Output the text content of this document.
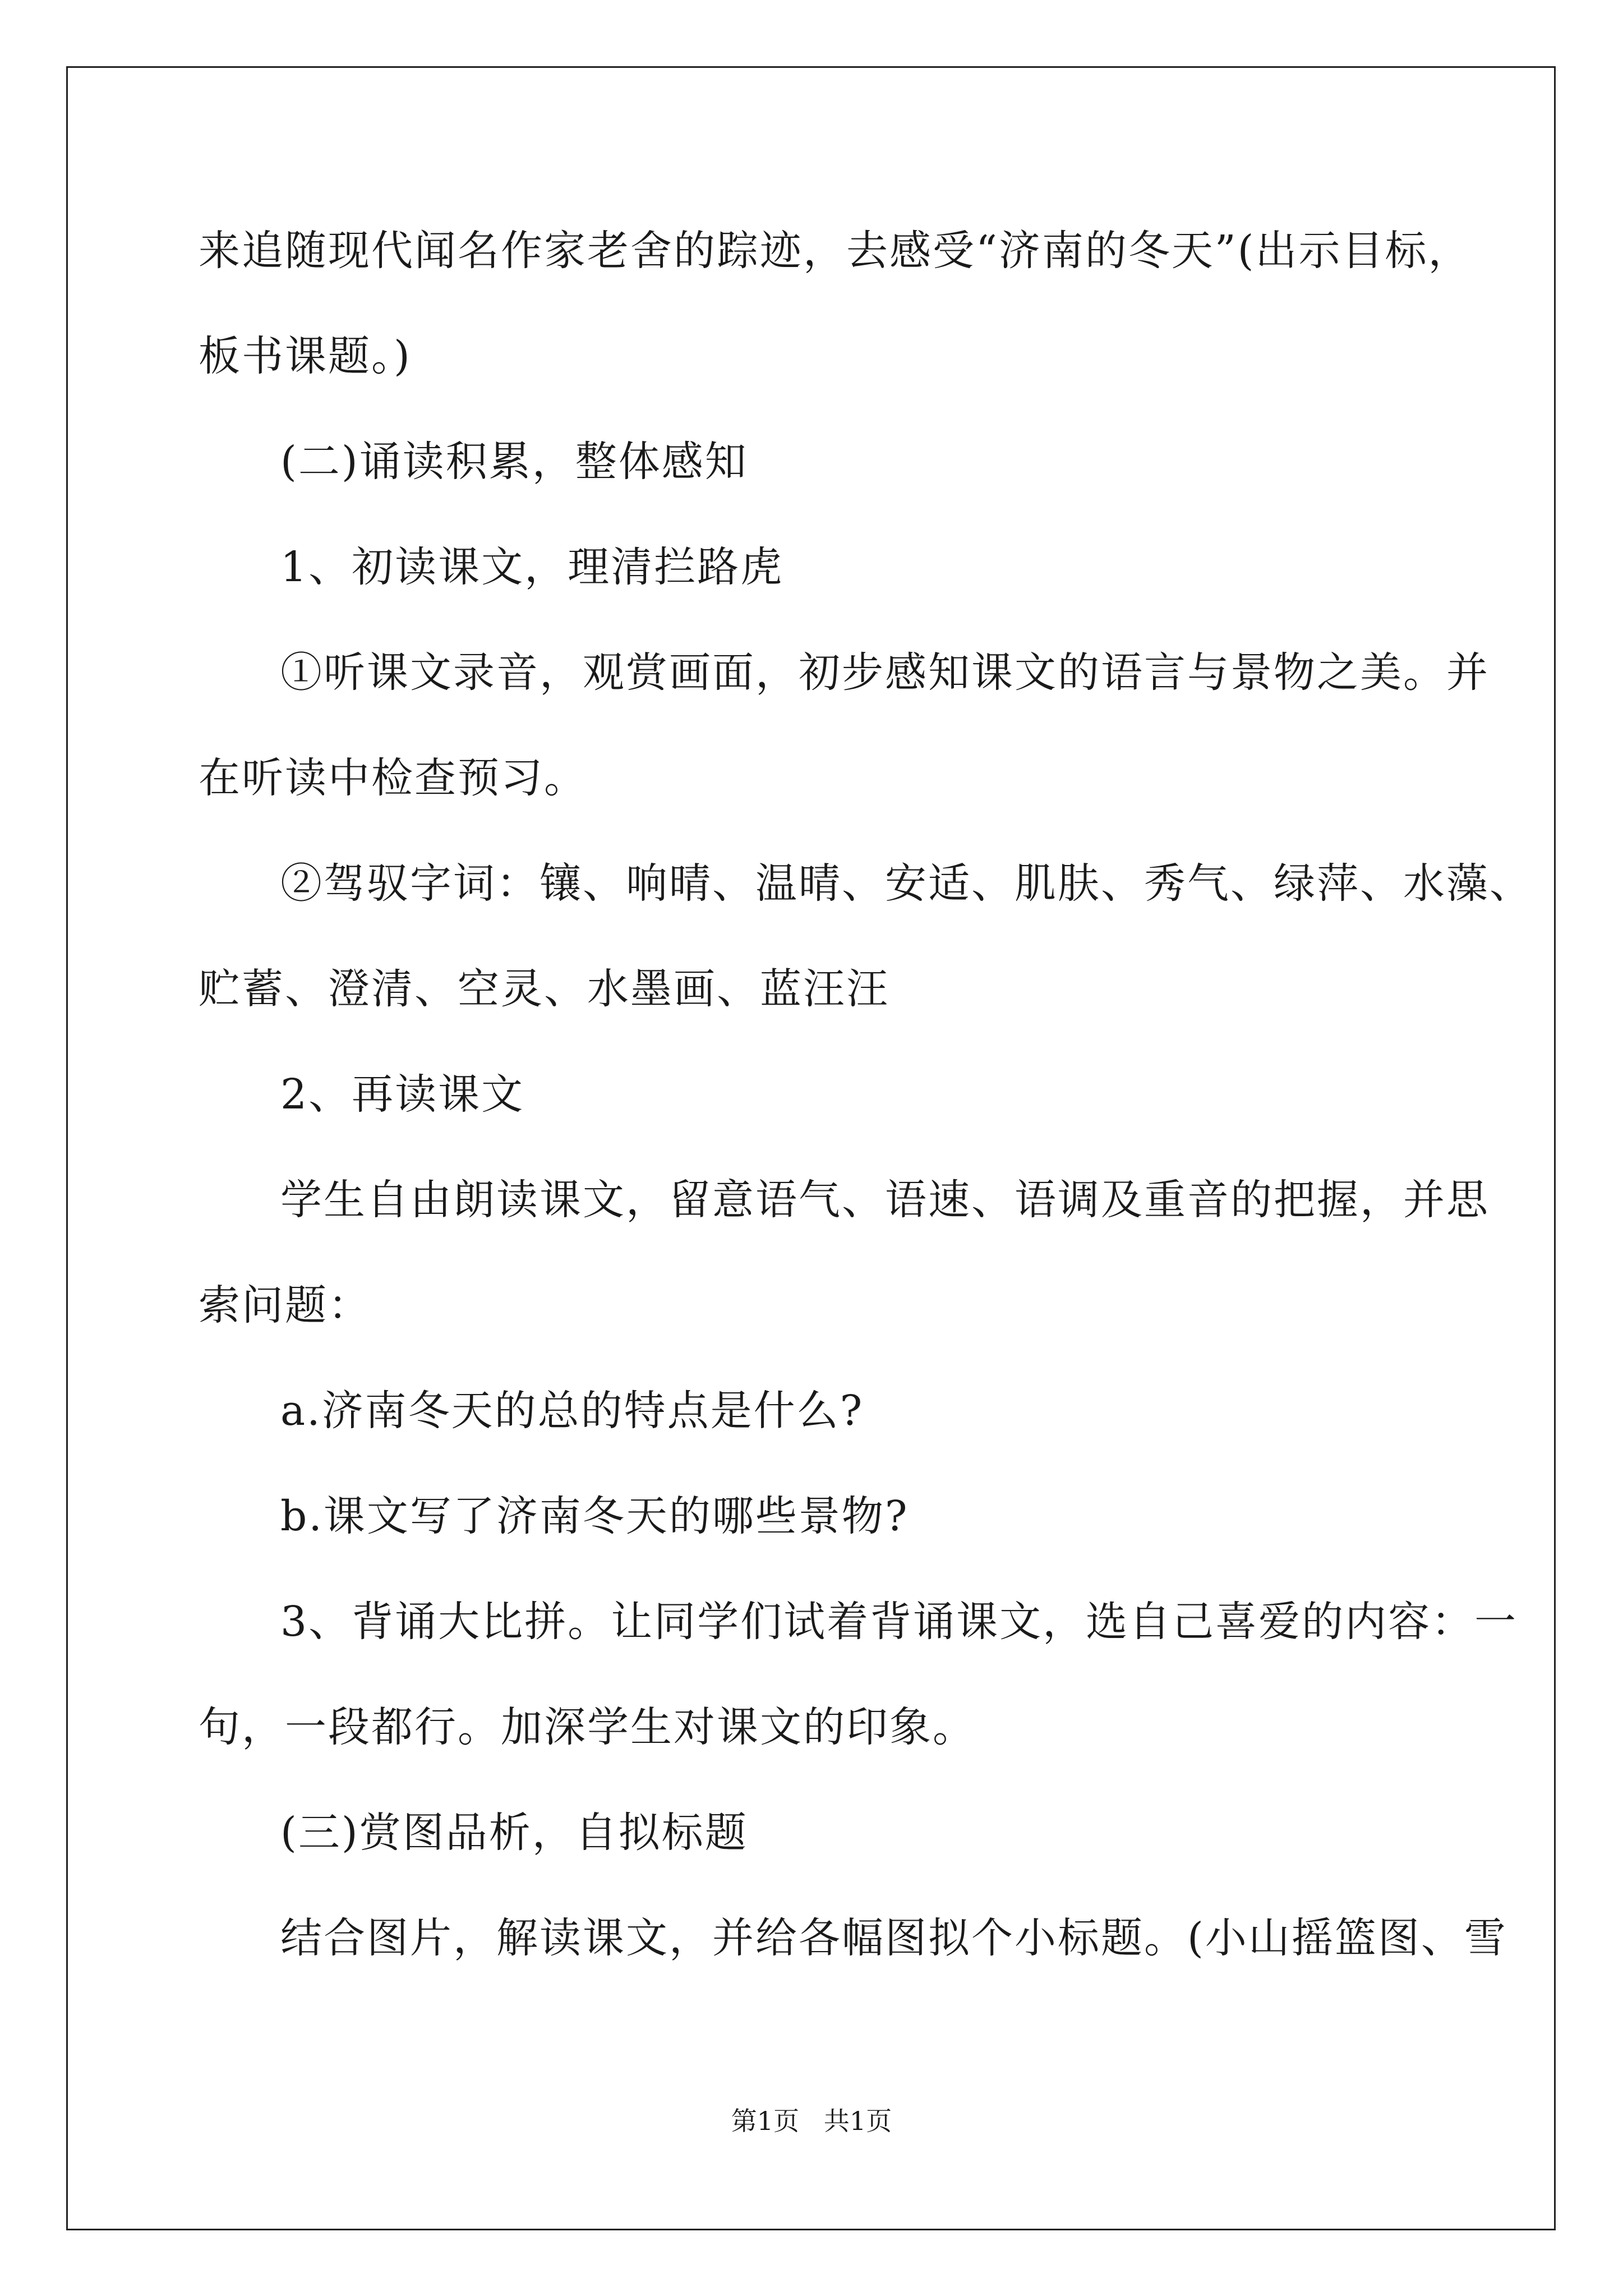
来追随现代闻名作家老舍的踪迹，去感受“济南的冬天”(出示目标，
板书课题。)
(二)诵读积累，整体感知
1、初读课文，理清拦路虎
①听课文录音，观赏画面，初步感知课文的语言与景物之美。并
在听读中检查预习。
②驾驭字词：镶、响晴、温晴、安适、肌肤、秀气、绿萍、水藻、
贮蓄、澄清、空灵、水墨画、蓝汪汪
2、再读课文
学生自由朗读课文，留意语气、语速、语调及重音的把握，并思
索问题：
a.济南冬天的总的特点是什么?
b.课文写了济南冬天的哪些景物?
3、背诵大比拼。让同学们试着背诵课文，选自己喜爱的内容：一
句，一段都行。加深学生对课文的印象。
(三)赏图品析，自拟标题
结合图片，解读课文，并给各幅图拟个小标题。(小山摇篮图、雪
第1页   共1页
